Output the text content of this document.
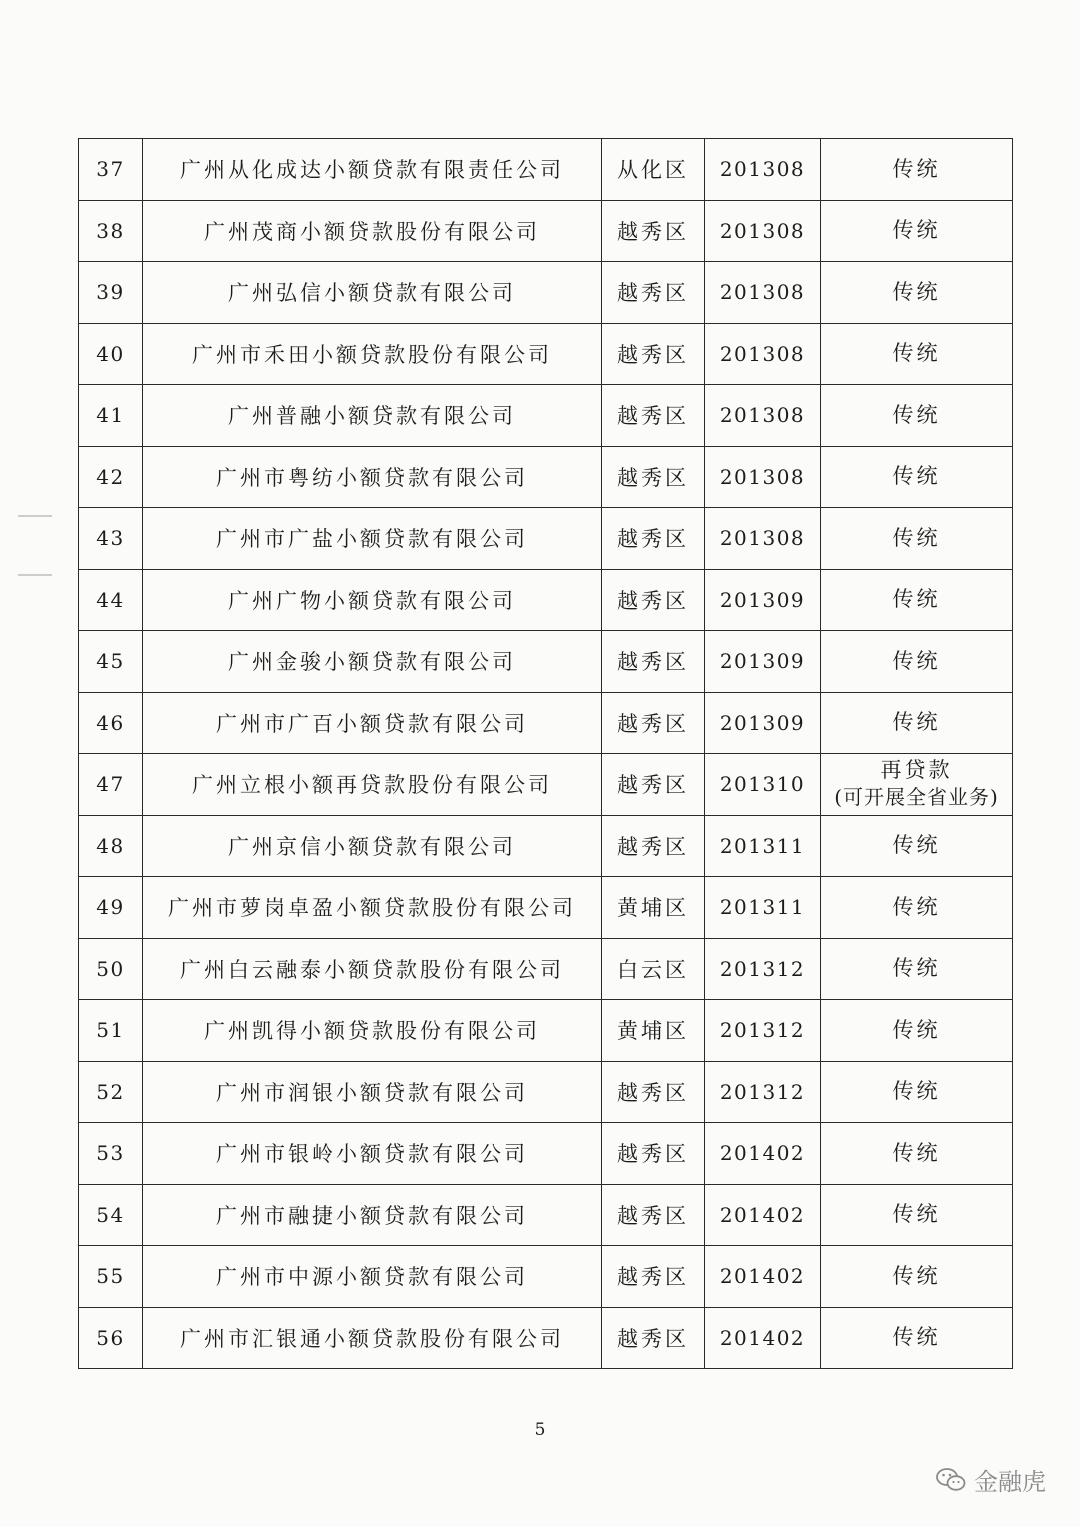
37	广州从化成达小额贷款有限责任公司	从化区	201308	传统

38	广州茂商小额贷款股份有限公司	越秀区	201308	传统

39	广州弘信小额贷款有限公司	越秀区	201308	传统

40	广州市禾田小额贷款股份有限公司	越秀区	201308	传统

41	广州普融小额贷款有限公司	越秀区	201308	传统

42	广州市粤纺小额贷款有限公司	越秀区	201308	传统

43	广州市广盐小额贷款有限公司	越秀区	201308	传统

44	广州广物小额贷款有限公司	越秀区	201309	传统

45	广州金骏小额贷款有限公司	越秀区	201309	传统

46	广州市广百小额贷款有限公司	越秀区	201309	传统

47	广州立根小额再贷款股份有限公司	越秀区	201310	再贷款
(可开展全省业务)

48	广州京信小额贷款有限公司	越秀区	201311	传统

49	广州市萝岗卓盈小额贷款股份有限公司	黄埔区	201311	传统

50	广州白云融泰小额贷款股份有限公司	白云区	201312	传统

51	广州凯得小额贷款股份有限公司	黄埔区	201312	传统

52	广州市润银小额贷款有限公司	越秀区	201312	传统

53	广州市银岭小额贷款有限公司	越秀区	201402	传统

54	广州市融捷小额贷款有限公司	越秀区	201402	传统

55	广州市中源小额贷款有限公司	越秀区	201402	传统

56	广州市汇银通小额贷款股份有限公司	越秀区	201402	传统
5
金融虎
